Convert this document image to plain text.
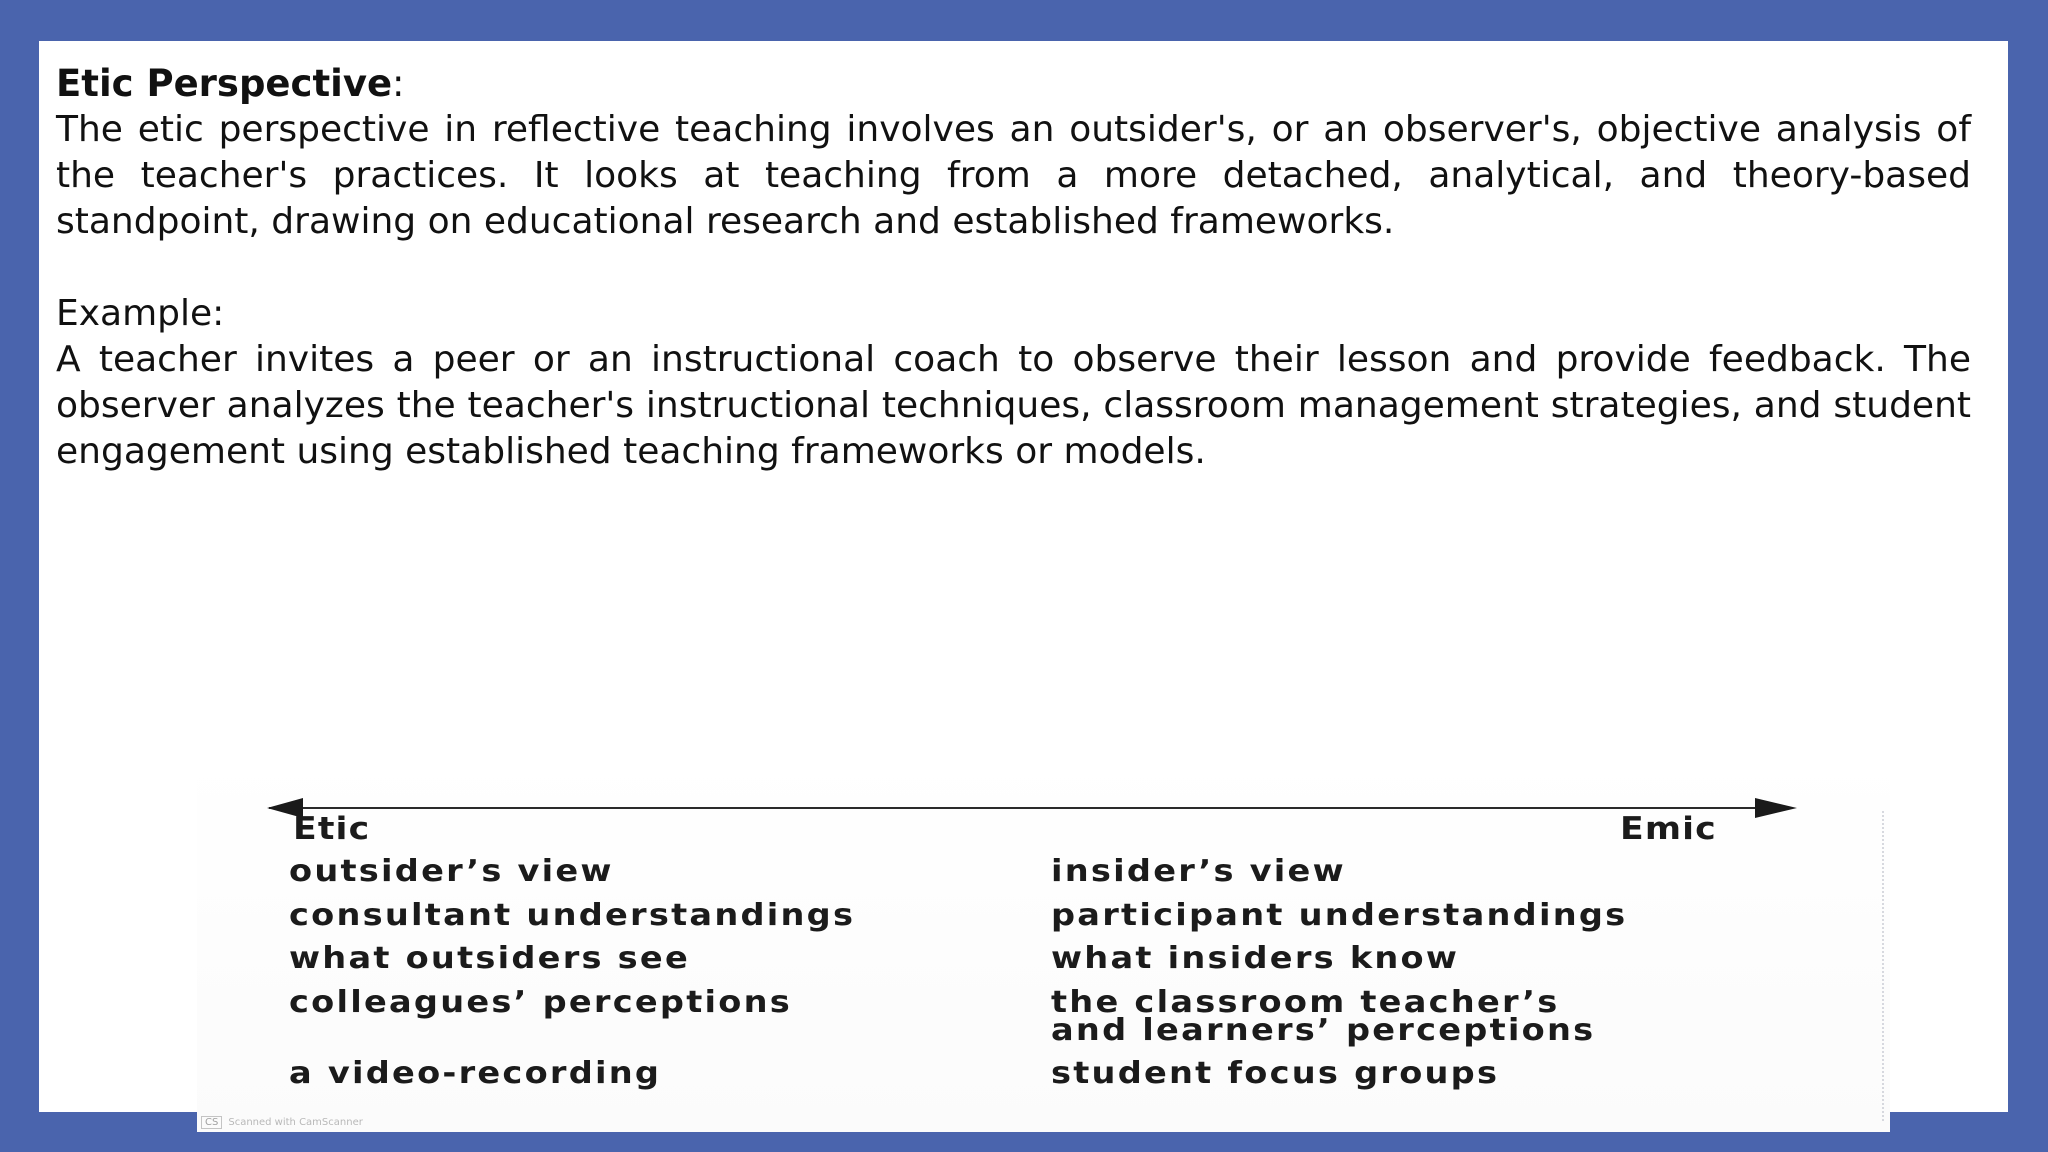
Etic Perspective:

The etic perspective in reflective teaching involves an outsider's, or an observer's, objective analysis of the teacher's practices. It looks at teaching from a more detached, analytical, and theory-based standpoint, drawing on educational research and established frameworks.

Example:

A teacher invites a peer or an instructional coach to observe their lesson and provide feedback. The observer analyzes the teacher's instructional techniques, classroom management strategies, and student engagement using established teaching frameworks or models.

Etic	Emic
outsider’s view	insider’s view
consultant understandings	participant understandings
what outsiders see	what insiders know
colleagues’ perceptions	the classroom teacher’s
and learners’ perceptions
a video-recording	student focus groups
CS Scanned with CamScanner
